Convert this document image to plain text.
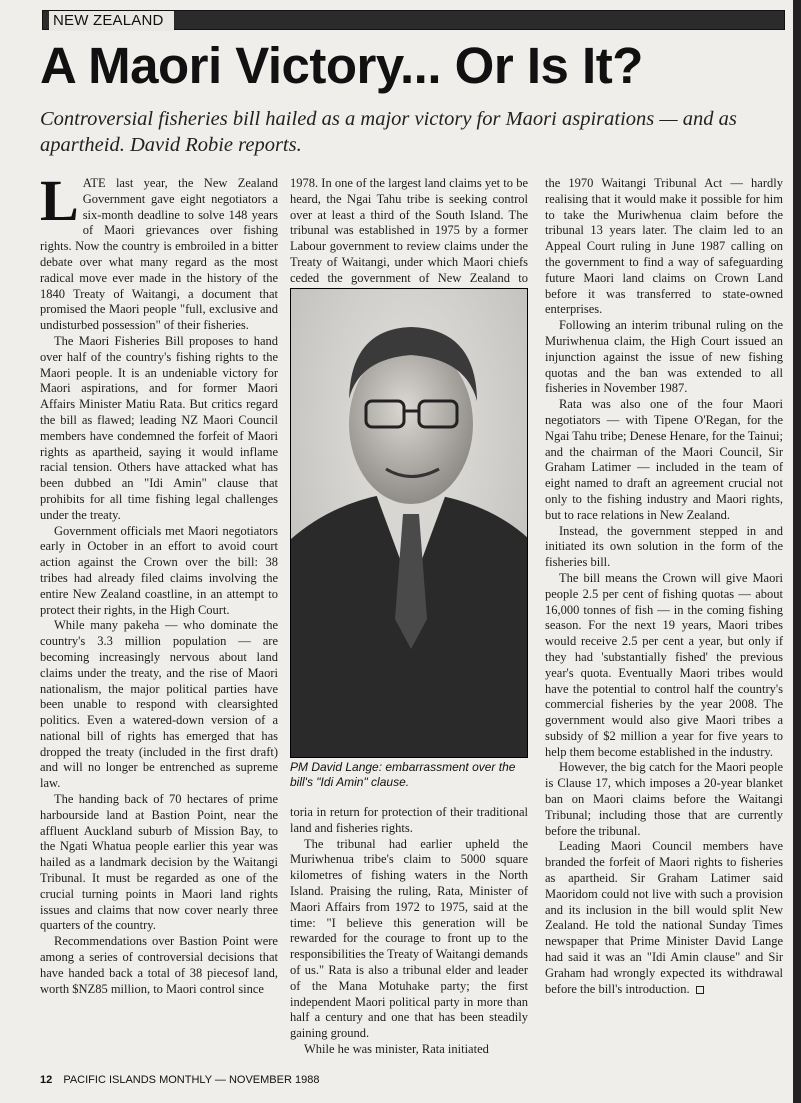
NEW ZEALAND
A Maori Victory... Or Is It?

Controversial fisheries bill hailed as a major victory for Maori aspirations — and as apartheid. David Robie reports.

LATE last year, the New Zealand Government gave eight negotiators a six-month deadline to solve 148 years of Maori grievances over fishing rights. Now the country is embroiled in a bitter debate over what many regard as the most radical move ever made in the history of the 1840 Treaty of Waitangi, a document that promised the Maori people "full, exclusive and undisturbed possession" of their fisheries.

The Maori Fisheries Bill proposes to hand over half of the country's fishing rights to the Maori people. It is an undeniable victory for Maori aspirations, and for former Maori Affairs Minister Matiu Rata. But critics regard the bill as flawed; leading NZ Maori Council members have condemned the forfeit of Maori rights as apartheid, saying it would inflame racial tension. Others have attacked what has been dubbed an "Idi Amin" clause that prohibits for all time fishing legal challenges under the treaty.

Government officials met Maori negotiators early in October in an effort to avoid court action against the Crown over the bill: 38 tribes had already filed claims involving the entire New Zealand coastline, in an attempt to protect their rights, in the High Court.

While many pakeha — who dominate the country's 3.3 million population — are becoming increasingly nervous about land claims under the treaty, and the rise of Maori nationalism, the major political parties have been unable to respond with clearsighted politics. Even a watered-down version of a national bill of rights has emerged that has dropped the treaty (included in the first draft) and will no longer be entrenched as supreme law.

The handing back of 70 hectares of prime harbourside land at Bastion Point, near the affluent Auckland suburb of Mission Bay, to the Ngati Whatua people earlier this year was hailed as a landmark decision by the Waitangi Tribunal. It must be regarded as one of the crucial turning points in Maori land rights issues and claims that now cover nearly three quarters of the country.

Recommendations over Bastion Point were among a series of controversial decisions that have handed back a total of 38 piecesof land, worth $NZ85 million, to Maori control since

1978. In one of the largest land claims yet to be heard, the Ngai Tahu tribe is seeking control over at least a third of the South Island. The tribunal was established in 1975 by a former Labour government to review claims under the Treaty of Waitangi, under which Maori chiefs ceded the government of New Zealand to

PM David Lange: embarrassment over the bill's "Idi Amin" clause.

toria in return for protection of their traditional land and fisheries rights.

The tribunal had earlier upheld the Muriwhenua tribe's claim to 5000 square kilometres of fishing waters in the North Island. Praising the ruling, Rata, Minister of Maori Affairs from 1972 to 1975, said at the time: "I believe this generation will be rewarded for the courage to front up to the responsibilities the Treaty of Waitangi demands of us." Rata is also a tribunal elder and leader of the Mana Motuhake party; the first independent Maori political party in more than half a century and one that has been steadily gaining ground.

While he was minister, Rata initiated

the 1970 Waitangi Tribunal Act — hardly realising that it would make it possible for him to take the Muriwhenua claim before the tribunal 13 years later. The claim led to an Appeal Court ruling in June 1987 calling on the government to find a way of safeguarding future Maori land claims on Crown Land before it was transferred to state-owned enterprises.

Following an interim tribunal ruling on the Muriwhenua claim, the High Court issued an injunction against the issue of new fishing quotas and the ban was extended to all fisheries in November 1987.

Rata was also one of the four Maori negotiators — with Tipene O'Regan, for the Ngai Tahu tribe; Denese Henare, for the Tainui; and the chairman of the Maori Council, Sir Graham Latimer — included in the team of eight named to draft an agreement crucial not only to the fishing industry and Maori rights, but to race relations in New Zealand.

Instead, the government stepped in and initiated its own solution in the form of the fisheries bill.

The bill means the Crown will give Maori people 2.5 per cent of fishing quotas — about 16,000 tonnes of fish — in the coming fishing season. For the next 19 years, Maori tribes would receive 2.5 per cent a year, but only if they had 'substantially fished' the previous year's quota. Eventually Maori tribes would have the potential to control half the country's commercial fisheries by the year 2008. The government would also give Maori tribes a subsidy of $2 million a year for five years to help them become established in the industry.

However, the big catch for the Maori people is Clause 17, which imposes a 20-year blanket ban on Maori claims before the Waitangi Tribunal; including those that are currently before the tribunal.

Leading Maori Council members have branded the forfeit of Maori rights to fisheries as apartheid. Sir Graham Latimer said Maoridom could not live with such a provision and its inclusion in the bill would split New Zealand. He told the national Sunday Times newspaper that Prime Minister David Lange had said it was an "Idi Amin clause" and Sir Graham had wrongly expected its withdrawal before the bill's introduction.

12 PACIFIC ISLANDS MONTHLY — NOVEMBER 1988
